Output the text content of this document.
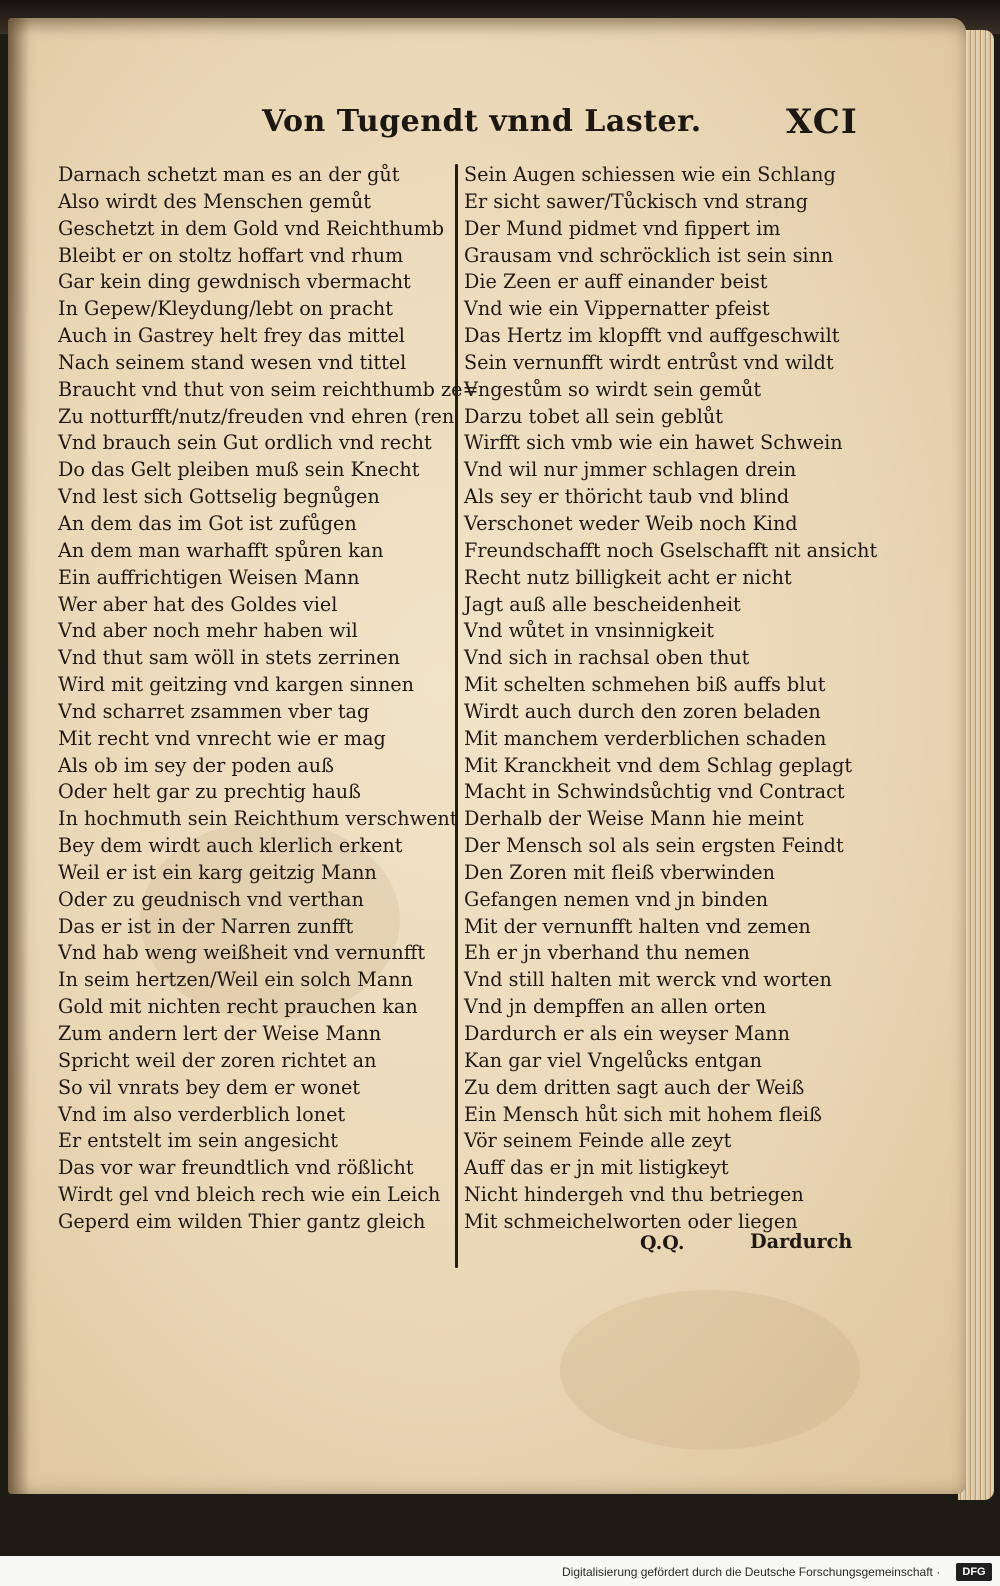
Von Tugendt vnnd Laster. XCI
Darnach schetzt man es an der gůt
Also wirdt des Menschen gemůt
Geschetzt in dem Gold vnd Reichthumb
Bleibt er on stoltz hoffart vnd rhum
Gar kein ding gewdnisch vbermacht
In Gepew/Kleydung/lebt on pracht
Auch in Gastrey helt frey das mittel
Nach seinem stand wesen vnd tittel
Braucht vnd thut von seim reichthumb ze=
Zu notturfft/nutz/freuden vnd ehren (ren
Vnd brauch sein Gut ordlich vnd recht
Do das Gelt pleiben muß sein Knecht
Vnd lest sich Gottselig begnůgen
An dem das im Got ist zufůgen
An dem man warhafft spůren kan
Ein auffrichtigen Weisen Mann
Wer aber hat des Goldes viel
Vnd aber noch mehr haben wil
Vnd thut sam wöll in stets zerrinen
Wird mit geitzing vnd kargen sinnen
Vnd scharret zsammen vber tag
Mit recht vnd vnrecht wie er mag
Als ob im sey der poden auß
Oder helt gar zu prechtig hauß
In hochmuth sein Reichthum verschwent
Bey dem wirdt auch klerlich erkent
Weil er ist ein karg geitzig Mann
Oder zu geudnisch vnd verthan
Das er ist in der Narren zunfft
Vnd hab weng weißheit vnd vernunfft
In seim hertzen/Weil ein solch Mann
Gold mit nichten recht prauchen kan
Zum andern lert der Weise Mann
Spricht weil der zoren richtet an
So vil vnrats bey dem er wonet
Vnd im also verderblich lonet
Er entstelt im sein angesicht
Das vor war freundtlich vnd rößlicht
Wirdt gel vnd bleich rech wie ein Leich
Geperd eim wilden Thier gantz gleich
Sein Augen schiessen wie ein Schlang
Er sicht sawer/Tůckisch vnd strang
Der Mund pidmet vnd fippert im
Grausam vnd schröcklich ist sein sinn
Die Zeen er auff einander beist
Vnd wie ein Vippernatter pfeist
Das Hertz im klopfft vnd auffgeschwilt
Sein vernunfft wirdt entrůst vnd wildt
Vngestům so wirdt sein gemůt
Darzu tobet all sein geblůt
Wirfft sich vmb wie ein hawet Schwein
Vnd wil nur jmmer schlagen drein
Als sey er thöricht taub vnd blind
Verschonet weder Weib noch Kind
Freundschafft noch Gselschafft nit ansicht
Recht nutz billigkeit acht er nicht
Jagt auß alle bescheidenheit
Vnd wůtet in vnsinnigkeit
Vnd sich in rachsal oben thut
Mit schelten schmehen biß auffs blut
Wirdt auch durch den zoren beladen
Mit manchem verderblichen schaden
Mit Kranckheit vnd dem Schlag geplagt
Macht in Schwindsůchtig vnd Contract
Derhalb der Weise Mann hie meint
Der Mensch sol als sein ergsten Feindt
Den Zoren mit fleiß vberwinden
Gefangen nemen vnd jn binden
Mit der vernunfft halten vnd zemen
Eh er jn vberhand thu nemen
Vnd still halten mit werck vnd worten
Vnd jn dempffen an allen orten
Dardurch er als ein weyser Mann
Kan gar viel Vngelůcks entgan
Zu dem dritten sagt auch der Weiß
Ein Mensch hůt sich mit hohem fleiß
Vör seinem Feinde alle zeyt
Auff das er jn mit listigkeyt
Nicht hindergeh vnd thu betriegen
Mit schmeichelworten oder liegen
Q.Q.	Dardurch
Digitalisierung gefördert durch die Deutsche Forschungsgemeinschaft ·	DFG
